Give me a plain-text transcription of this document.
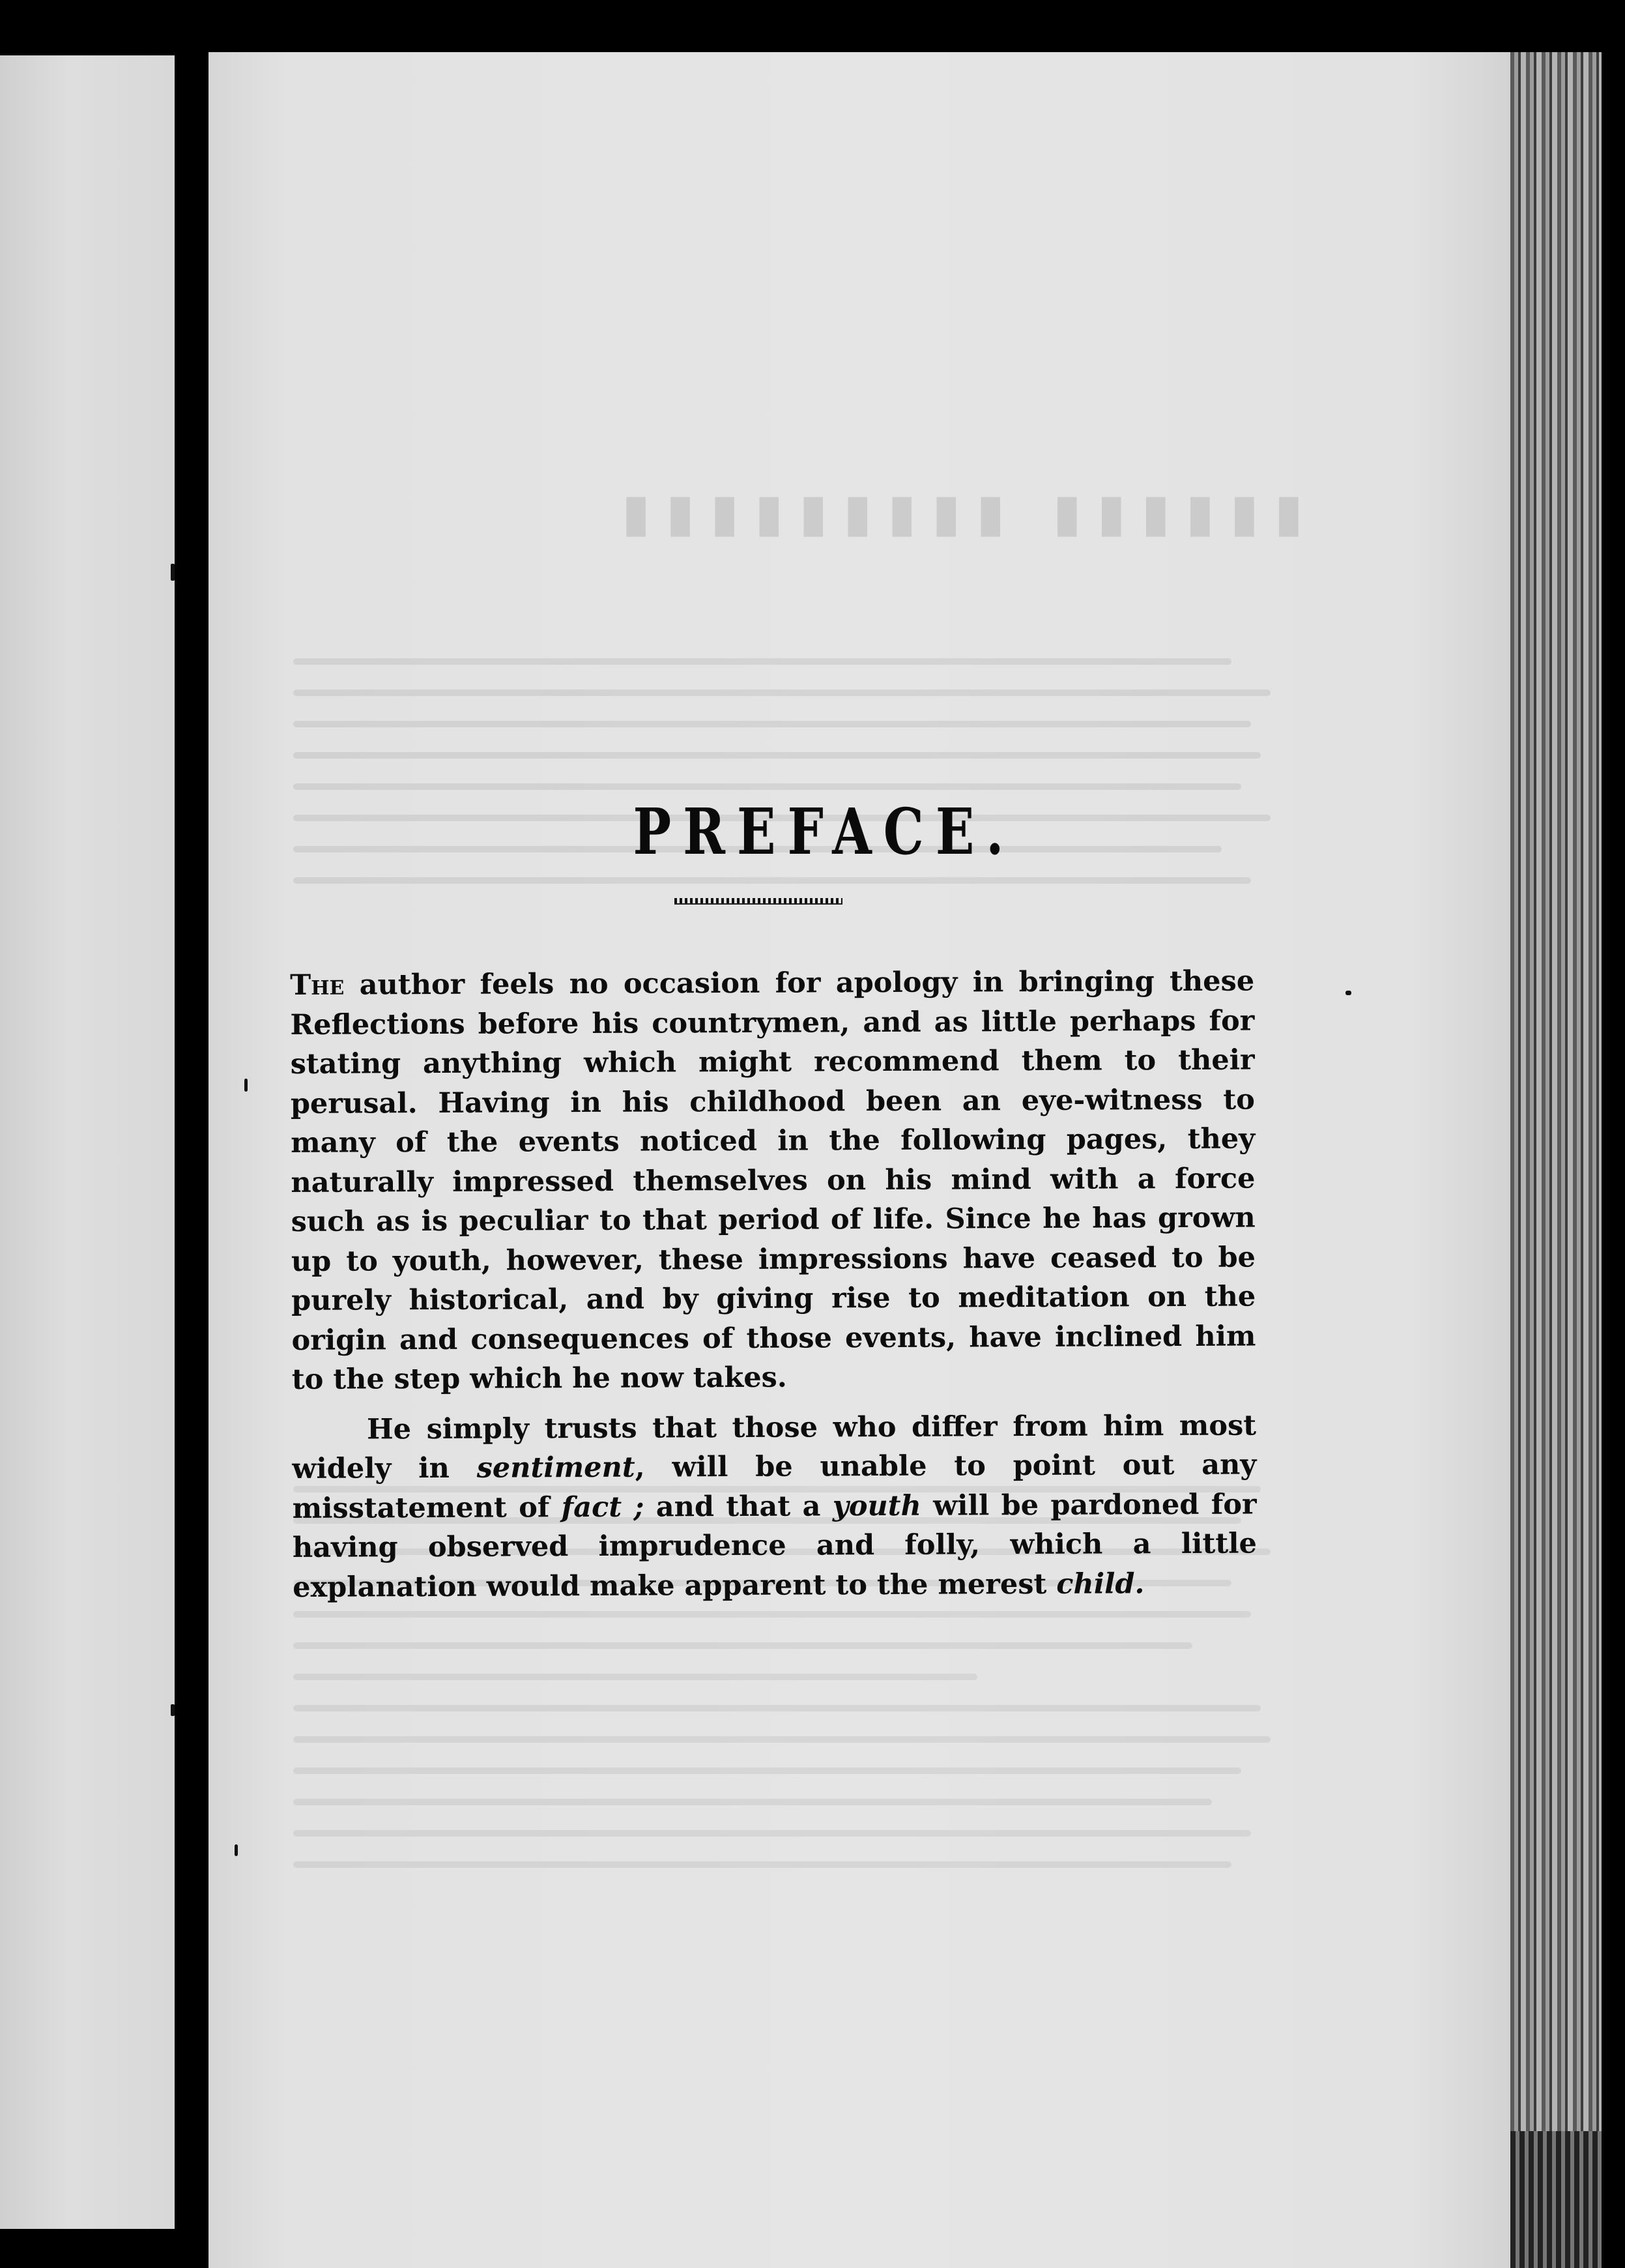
▮▮▮▮▮▮ ▮▮▮▮▮▮▮▮▮
PREFACE.

The author feels no occasion for apology in bringing these Reflections before his countrymen, and as little perhaps for stating anything which might recommend them to their perusal. Having in his childhood been an eye-witness to many of the events noticed in the following pages, they naturally impressed themselves on his mind with a force such as is peculiar to that period of life. Since he has grown up to youth, however, these impressions have ceased to be purely historical, and by giving rise to meditation on the origin and consequences of those events, have inclined him to the step which he now takes.

He simply trusts that those who differ from him most widely in sentiment, will be unable to point out any misstatement of fact ; and that a youth will be pardoned for having observed imprudence and folly, which a little explanation would make apparent to the merest child.
